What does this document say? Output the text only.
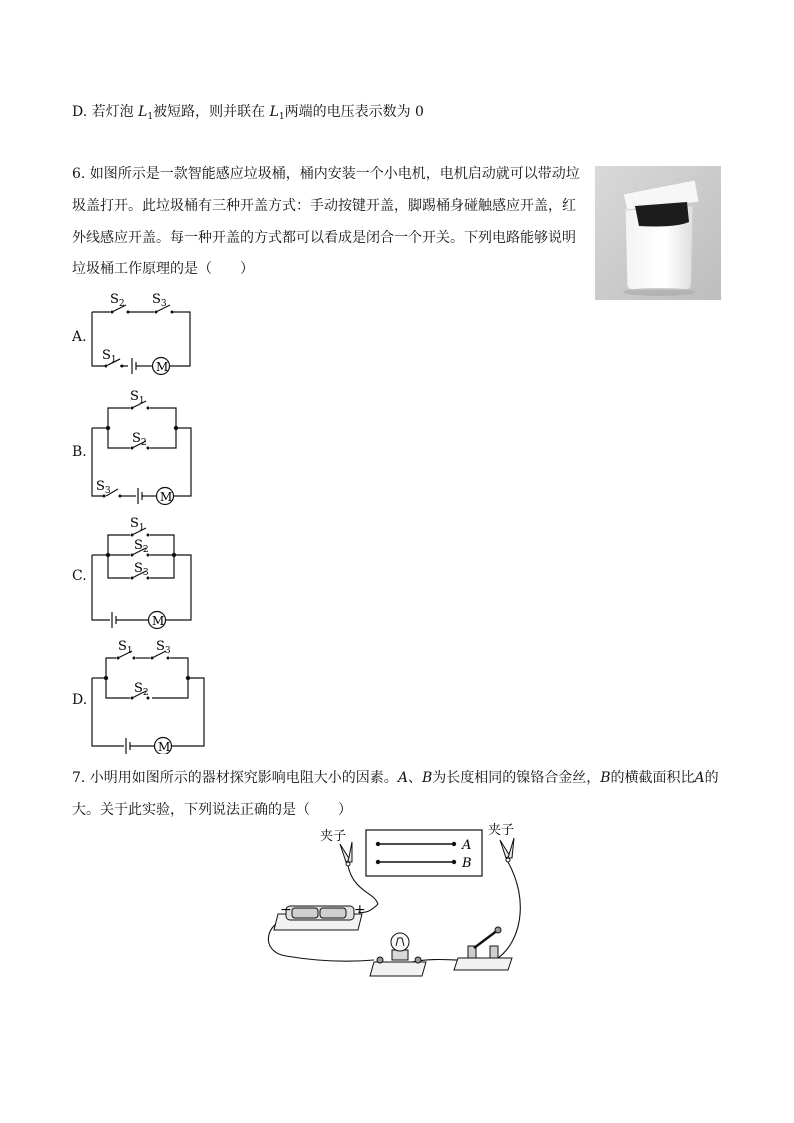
D. 若灯泡 $L_1$被短路，则并联在 $L_1$两端的电压表示数为 0
6. 如图所示是一款智能感应垃圾桶，桶内安装一个小电机，电机启动就可以带动垃
圾盖打开。此垃圾桶有三种开盖方式：手动按键开盖，脚踢桶身碰触感应开盖，红
外线感应开盖。每一种开盖的方式都可以看成是闭合一个开关。下列电路能够说明
垃圾桶工作原理的是（　　）
A.
$S_2$ $S_3$
$S_1$	M
B.
$S_1$
$S_2$
$S_3$	M
C.
$S_1$
$S_2$
$S_3$
M
D.
$S_1$ $S_3$
$S_2$
M
7. 小明用如图所示的器材探究影响电阻大小的因素。A、B为长度相同的镍铬合金丝，B的横截面积比A的
大。关于此实验，下列说法正确的是（　　）
A
B
夹子	夹子
−	+
